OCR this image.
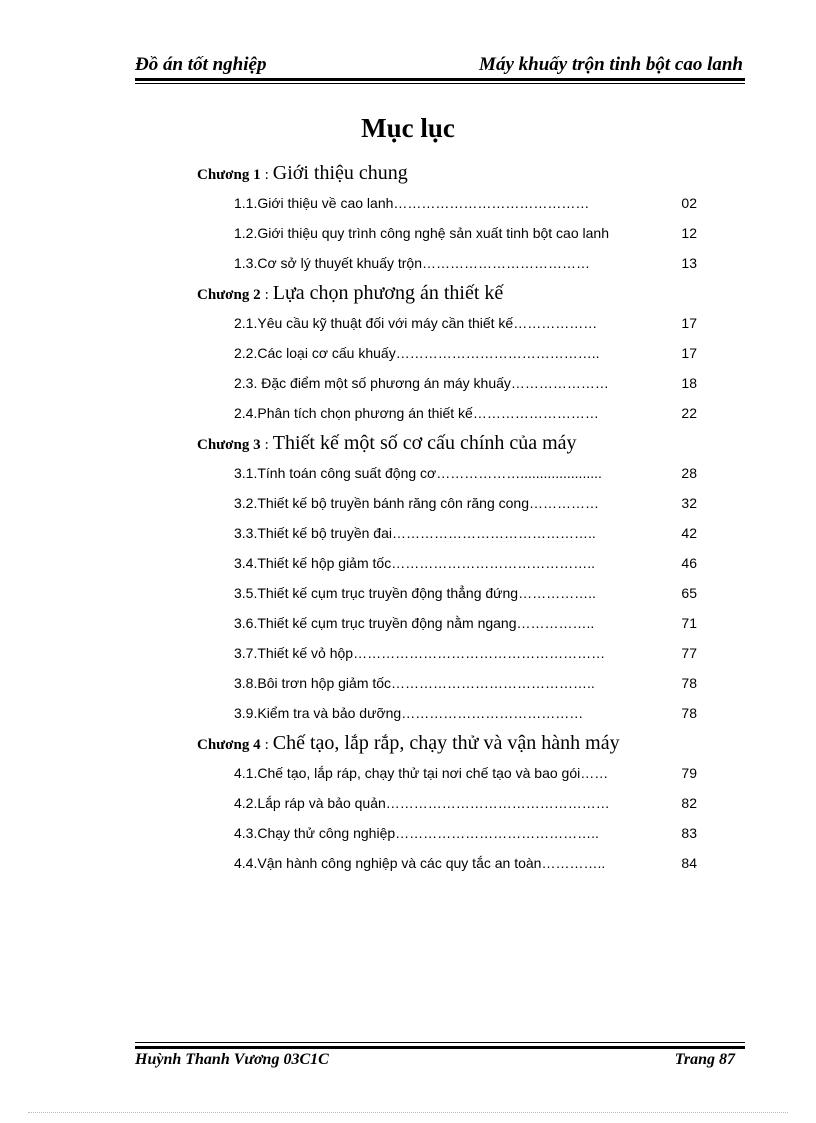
Đồ án tốt nghiệp	Máy khuấy trộn tinh bột cao lanh
Mục lục
Chương 1 : Giới thiệu chung
1.1.Giới thiệu về cao lanh……………………………………	02
1.2.Giới thiệu quy trình công nghệ sản xuất tinh bột cao lanh	12
1.3.Cơ sở lý thuyết khuấy trộn………………………………	13
Chương 2 : Lựa chọn phương án thiết kế
2.1.Yêu cầu kỹ thuật đối với máy cần thiết kế………………	17
2.2.Các loại cơ cấu khuấy……………………………………..	17
2.3. Đặc điểm một số phương án máy khuấy…………………	18
2.4.Phân tích chọn phương án thiết kế………………………	22
Chương 3 : Thiết kế một số cơ cấu chính của máy
3.1.Tính toán công suất động cơ……………….....................	28
3.2.Thiết kế bộ truyền bánh răng côn răng cong……………	32
3.3.Thiết kế bộ truyền đai……………………………………..	42
3.4.Thiết kế hộp giảm tốc……………………………………..	46
3.5.Thiết kế cụm trục truyền động thẳng đứng……………..	65
3.6.Thiết kế cụm trục truyền động nằm ngang……………..	71
3.7.Thiết kế vỏ hộp………………………………………………	77
3.8.Bôi trơn hộp giảm tốc……………………………………..	78
3.9.Kiểm tra và bảo dưỡng…………………………………	78
Chương 4 : Chế tạo, lắp rắp, chạy thử và vận hành máy
4.1.Chế tạo, lắp ráp, chạy thử tại nơi chế tạo và bao gói……	79
4.2.Lắp ráp và bảo quản…………………………………………	82
4.3.Chạy thử công nghiệp……………………………………..	83
4.4.Vận hành công nghiệp và các quy tắc an toàn…………..	84
Huỳnh Thanh Vương 03C1C	Trang 87
